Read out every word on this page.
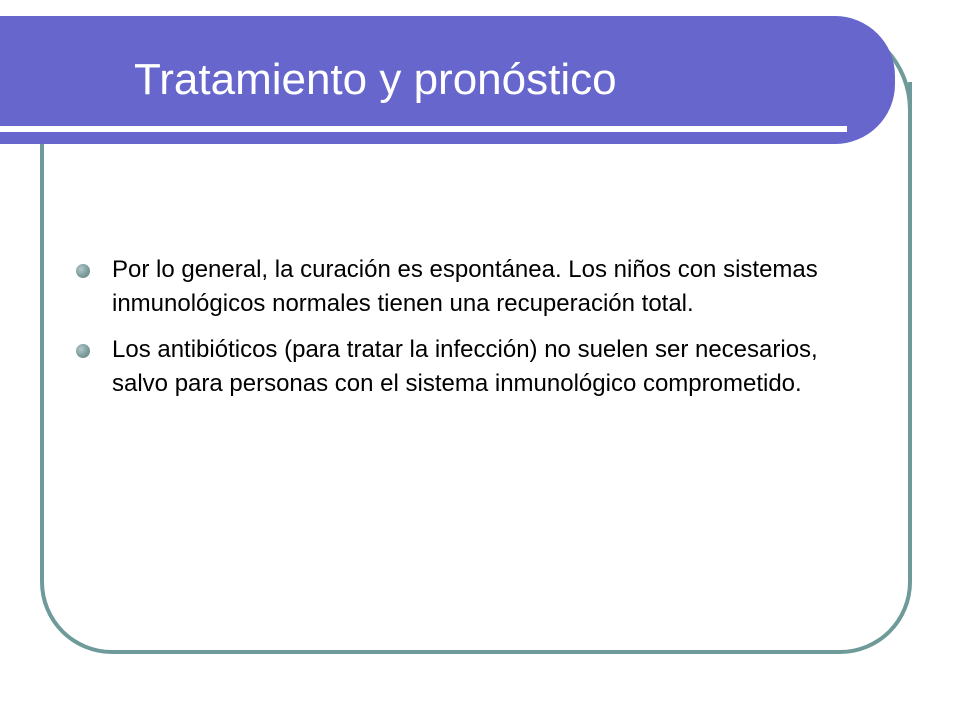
Tratamiento y pronóstico
Por lo general, la curación es espontánea. Los niños con sistemas inmunológicos normales tienen una recuperación total.
Los antibióticos (para tratar la infección) no suelen ser necesarios, salvo para personas con el sistema inmunológico comprometido.
